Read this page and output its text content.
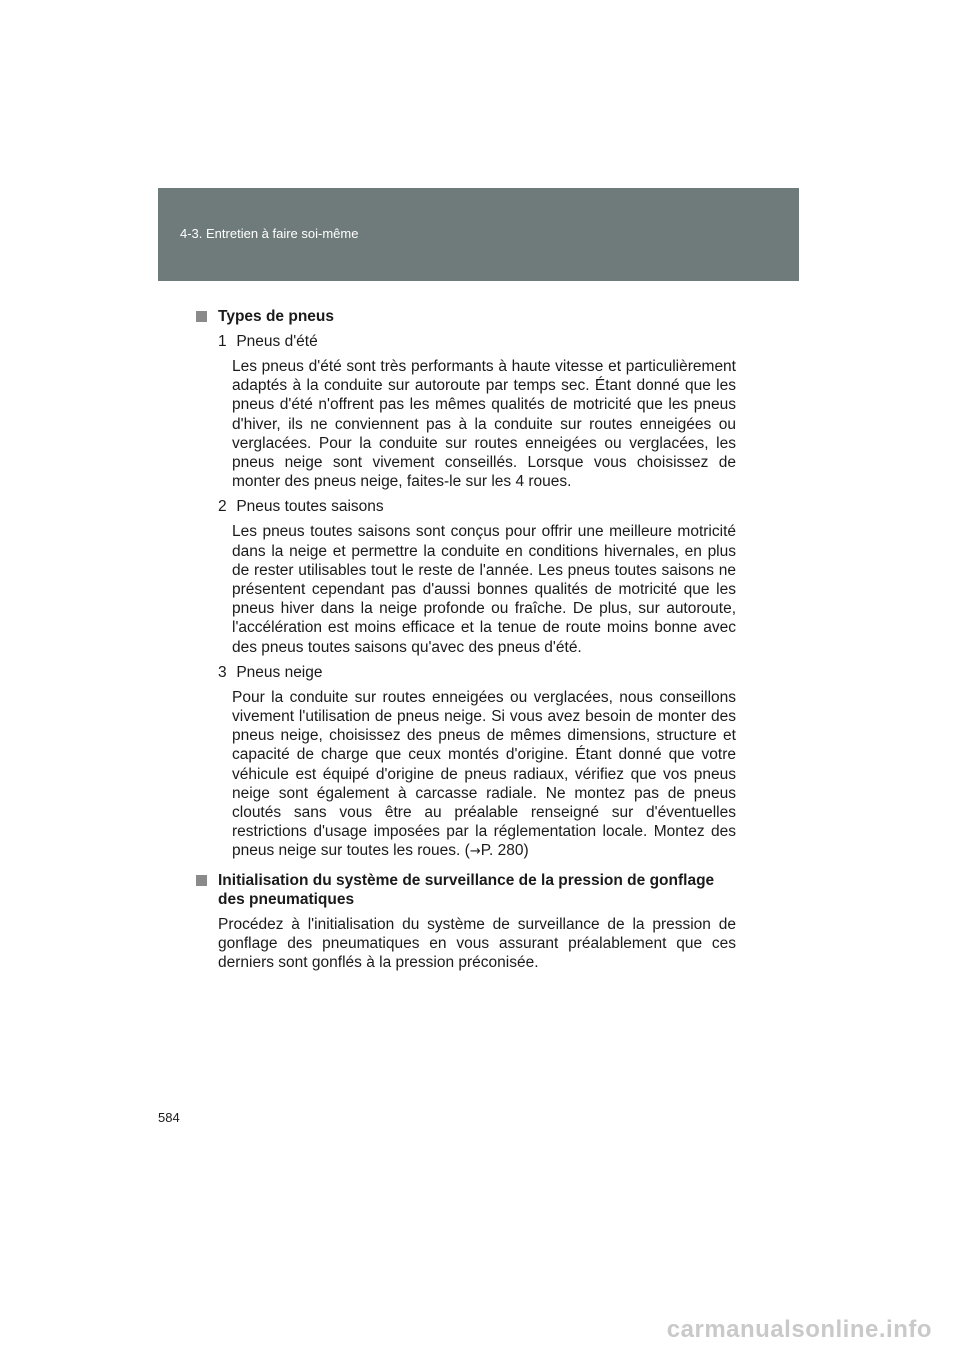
4-3. Entretien à faire soi-même
Types de pneus
1 Pneus d'été

Les pneus d'été sont très performants à haute vitesse et particulièrement adaptés à la conduite sur autoroute par temps sec. Étant donné que les pneus d'été n'offrent pas les mêmes qualités de motricité que les pneus d'hiver, ils ne conviennent pas à la conduite sur routes enneigées ou verglacées. Pour la conduite sur routes enneigées ou verglacées, les pneus neige sont vivement conseillés. Lorsque vous choisissez de monter des pneus neige, faites-le sur les 4 roues.

2 Pneus toutes saisons

Les pneus toutes saisons sont conçus pour offrir une meilleure motricité dans la neige et permettre la conduite en conditions hivernales, en plus de rester utilisables tout le reste de l'année. Les pneus toutes saisons ne présentent cependant pas d'aussi bonnes qualités de motricité que les pneus hiver dans la neige profonde ou fraîche. De plus, sur autoroute, l'accélération est moins efficace et la tenue de route moins bonne avec des pneus toutes saisons qu'avec des pneus d'été.

3 Pneus neige

Pour la conduite sur routes enneigées ou verglacées, nous conseillons vivement l'utilisation de pneus neige. Si vous avez besoin de monter des pneus neige, choisissez des pneus de mêmes dimensions, structure et capacité de charge que ceux montés d'origine. Étant donné que votre véhicule est équipé d'origine de pneus radiaux, vérifiez que vos pneus neige sont également à carcasse radiale. Ne montez pas de pneus cloutés sans vous être au préalable renseigné sur d'éventuelles restrictions d'usage imposées par la réglementation locale. Montez des pneus neige sur toutes les roues. (→P. 280)

Initialisation du système de surveillance de la pression de gonflage des pneumatiques

Procédez à l'initialisation du système de surveillance de la pression de gonflage des pneumatiques en vous assurant préalablement que ces derniers sont gonflés à la pression préconisée.

584
carmanualsonline.info
